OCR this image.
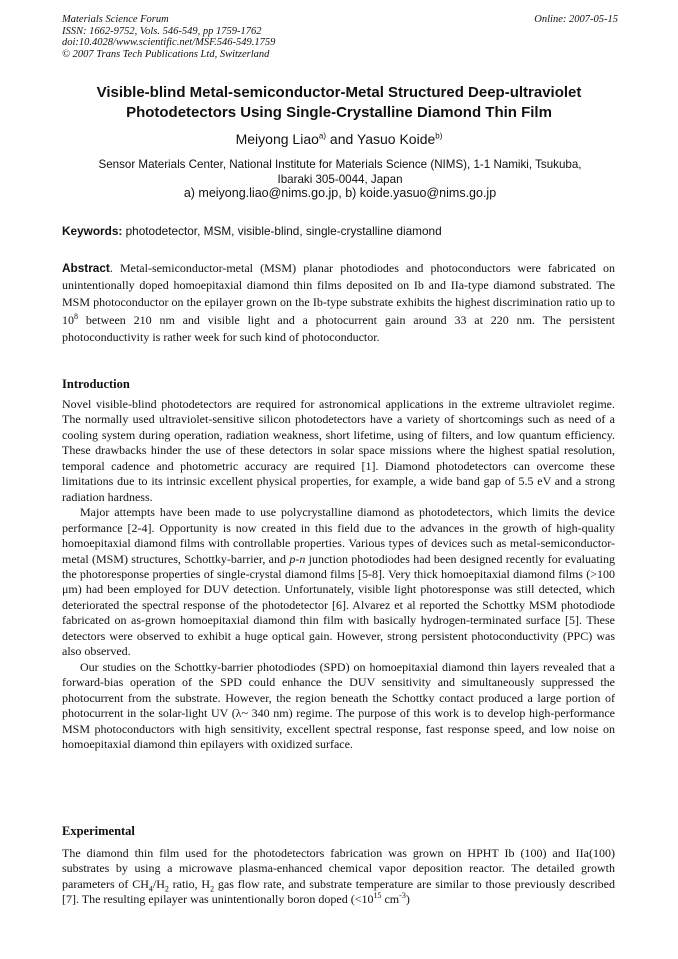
Materials Science Forum
ISSN: 1662-9752, Vols. 546-549, pp 1759-1762
doi:10.4028/www.scientific.net/MSF.546-549.1759
© 2007 Trans Tech Publications Ltd, Switzerland
Online: 2007-05-15
Visible-blind Metal-semiconductor-Metal Structured Deep-ultraviolet
Photodetectors Using Single-Crystalline Diamond Thin Film
Meiyong Liao$^{a)}$ and Yasuo Koide$^{b)}$
Sensor Materials Center, National Institute for Materials Science (NIMS), 1-1 Namiki, Tsukuba,
Ibaraki 305-0044, Japan
a) meiyong.liao@nims.go.jp, b) koide.yasuo@nims.go.jp
Keywords: photodetector, MSM, visible-blind, single-crystalline diamond
Abstract. Metal-semiconductor-metal (MSM) planar photodiodes and photoconductors were fabricated on unintentionally doped homoepitaxial diamond thin films deposited on Ib and IIa-type diamond substrated. The MSM photoconductor on the epilayer grown on the Ib-type substrate exhibits the highest discrimination ratio up to $10^8$ between 210 nm and visible light and a photocurrent gain around 33 at 220 nm. The persistent photoconductivity is rather week for such kind of photoconductor.
Introduction

Novel visible-blind photodetectors are required for astronomical applications in the extreme ultraviolet regime. The normally used ultraviolet-sensitive silicon photodetectors have a variety of shortcomings such as need of a cooling system during operation, radiation weakness, short lifetime, using of filters, and low quantum efficiency. These drawbacks hinder the use of these detectors in solar space missions where the highest spatial resolution, temporal cadence and photometric accuracy are required [1]. Diamond photodetectors can overcome these limitations due to its intrinsic excellent physical properties, for example, a wide band gap of 5.5 eV and a strong radiation hardness.

Major attempts have been made to use polycrystalline diamond as photodetectors, which limits the device performance [2-4]. Opportunity is now created in this field due to the advances in the growth of high-quality homoepitaxial diamond films with controllable properties. Various types of devices such as metal-semiconductor-metal (MSM) structures, Schottky-barrier, and p-n junction photodiodes had been designed recently for evaluating the photoresponse properties of single-crystal diamond films [5-8]. Very thick homoepitaxial diamond films (>100 μm) had been employed for DUV detection. Unfortunately, visible light photoresponse was still detected, which deteriorated the spectral response of the photodetector [6]. Alvarez et al reported the Schottky MSM photodiode fabricated on as-grown homoepitaxial diamond thin film with basically hydrogen-terminated surface [5]. These detectors were observed to exhibit a huge optical gain. However, strong persistent photoconductivity (PPC) was also observed.

Our studies on the Schottky-barrier photodiodes (SPD) on homoepitaxial diamond thin layers revealed that a forward-bias operation of the SPD could enhance the DUV sensitivity and simultaneously suppressed the photocurrent from the substrate. However, the region beneath the Schottky contact produced a large portion of photocurrent in the solar-light UV (λ~ 340 nm) regime. The purpose of this work is to develop high-performance MSM photoconductors with high sensitivity, excellent spectral response, fast response speed, and low noise on homoepitaxial diamond thin epilayers with oxidized surface.

Experimental

The diamond thin film used for the photodetectors fabrication was grown on HPHT Ib (100) and IIa(100) substrates by using a microwave plasma-enhanced chemical vapor deposition reactor. The detailed growth parameters of $CH_4/H_2$ ratio, $H_2$ gas flow rate, and substrate temperature are similar to those previously described [7]. The resulting epilayer was unintentionally boron doped ($<10^{15}$ $cm^{-3}$)
